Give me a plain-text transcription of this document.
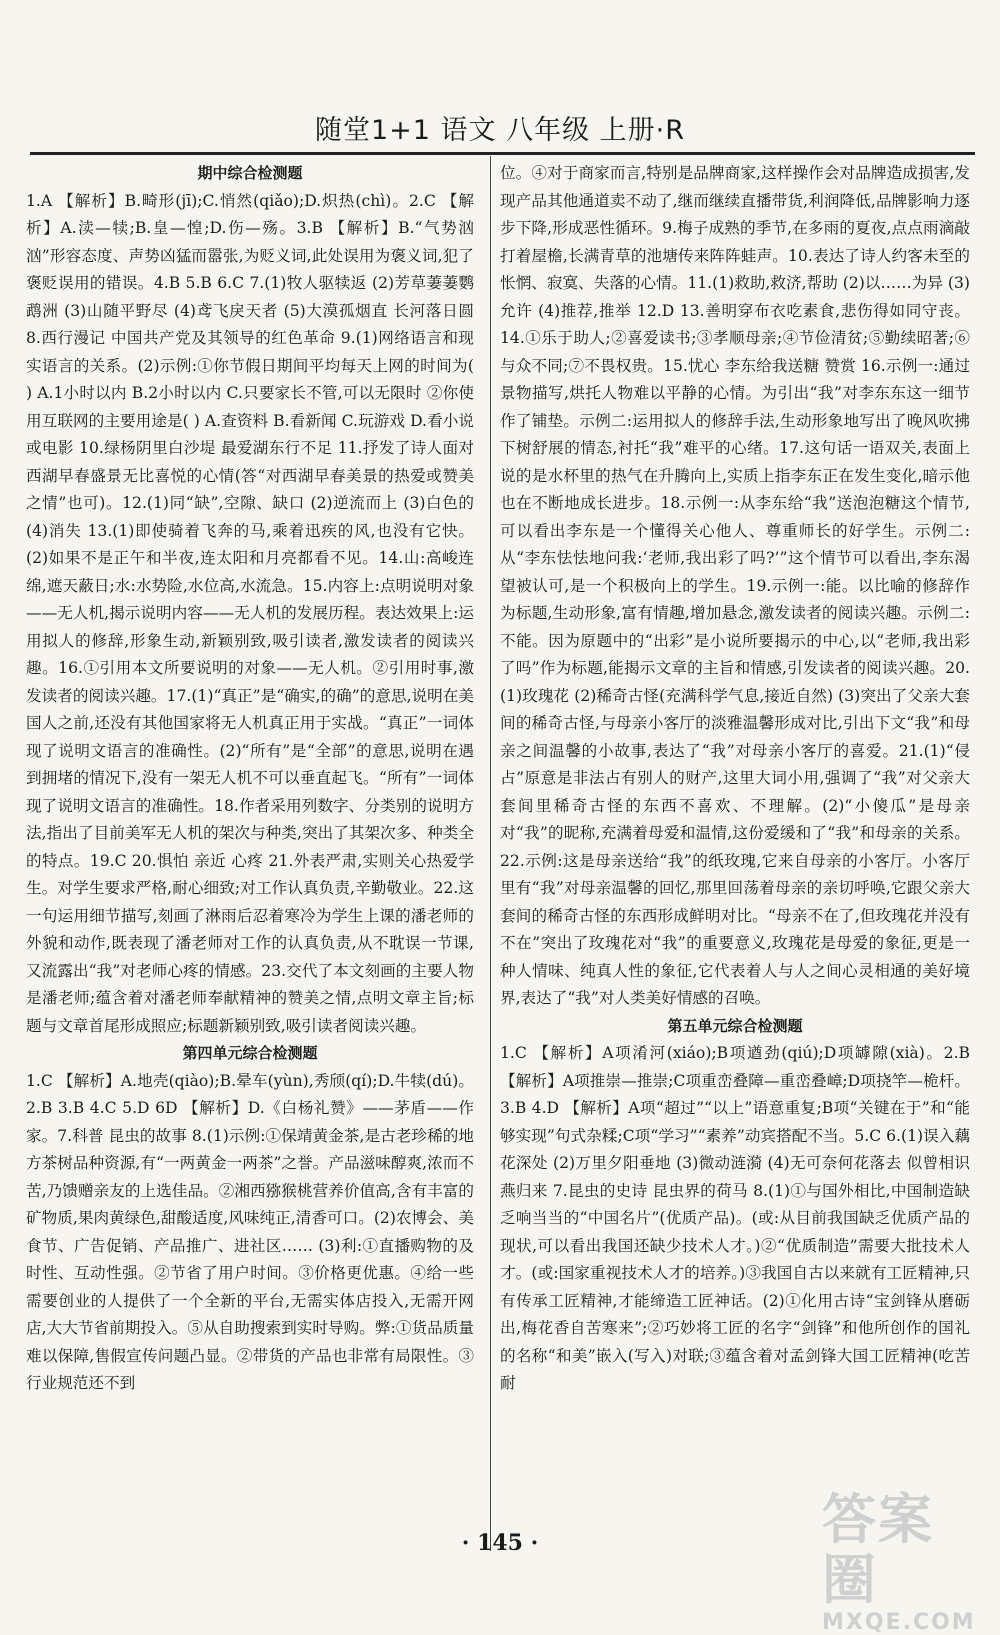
随堂1+1 语文 八年级 上册·R

期中综合检测题

1.A 【解析】B.畸形(jī);C.悄然(qiǎo);D.炽热(chì)。2.C 【解析】A.渎—犊;B.皇—惶;D.伤—殇。3.B 【解析】B.“气势汹汹”形容态度、声势凶猛而嚣张,为贬义词,此处误用为褒义词,犯了褒贬误用的错误。4.B 5.B 6.C 7.(1)牧人驱犊返 (2)芳草萋萋鹦鹉洲 (3)山随平野尽 (4)鸢飞戾天者 (5)大漠孤烟直 长河落日圆 8.西行漫记 中国共产党及其领导的红色革命 9.(1)网络语言和现实语言的关系。(2)示例:①你节假日期间平均每天上网的时间为( ) A.1小时以内 B.2小时以内 C.只要家长不管,可以无限时 ②你使用互联网的主要用途是( ) A.查资料 B.看新闻 C.玩游戏 D.看小说或电影 10.绿杨阴里白沙堤 最爱湖东行不足 11.抒发了诗人面对西湖早春盛景无比喜悦的心情(答“对西湖早春美景的热爱或赞美之情”也可)。12.(1)同“缺”,空隙、缺口 (2)逆流而上 (3)白色的 (4)消失 13.(1)即使骑着飞奔的马,乘着迅疾的风,也没有它快。(2)如果不是正午和半夜,连太阳和月亮都看不见。14.山:高峻连绵,遮天蔽日;水:水势险,水位高,水流急。15.内容上:点明说明对象——无人机,揭示说明内容——无人机的发展历程。表达效果上:运用拟人的修辞,形象生动,新颖别致,吸引读者,激发读者的阅读兴趣。16.①引用本文所要说明的对象——无人机。②引用时事,激发读者的阅读兴趣。17.(1)“真正”是“确实,的确”的意思,说明在美国人之前,还没有其他国家将无人机真正用于实战。“真正”一词体现了说明文语言的准确性。(2)“所有”是“全部”的意思,说明在遇到拥堵的情况下,没有一架无人机不可以垂直起飞。“所有”一词体现了说明文语言的准确性。18.作者采用列数字、分类别的说明方法,指出了目前美军无人机的架次与种类,突出了其架次多、种类全的特点。19.C 20.惧怕 亲近 心疼 21.外表严肃,实则关心热爱学生。对学生要求严格,耐心细致;对工作认真负责,辛勤敬业。22.这一句运用细节描写,刻画了淋雨后忍着寒冷为学生上课的潘老师的外貌和动作,既表现了潘老师对工作的认真负责,从不耽误一节课,又流露出“我”对老师心疼的情感。23.交代了本文刻画的主要人物是潘老师;蕴含着对潘老师奉献精神的赞美之情,点明文章主旨;标题与文章首尾形成照应;标题新颖别致,吸引读者阅读兴趣。

第四单元综合检测题

1.C 【解析】A.地壳(qiào);B.晕车(yùn),秀颀(qí);D.牛犊(dú)。2.B 3.B 4.C 5.D 6D 【解析】D.《白杨礼赞》——茅盾——作家。7.科普 昆虫的故事 8.(1)示例:①保靖黄金茶,是古老珍稀的地方茶树品种资源,有“一两黄金一两茶”之誉。产品滋味醇爽,浓而不苦,乃馈赠亲友的上选佳品。②湘西猕猴桃营养价值高,含有丰富的矿物质,果肉黄绿色,甜酸适度,风味纯正,清香可口。(2)农博会、美食节、广告促销、产品推广、进社区…… (3)利:①直播购物的及时性、互动性强。②节省了用户时间。③价格更优惠。④给一些需要创业的人提供了一个全新的平台,无需实体店投入,无需开网店,大大节省前期投入。⑤从自助搜索到实时导购。弊:①货品质量难以保障,售假宣传问题凸显。②带货的产品也非常有局限性。③行业规范还不到

位。④对于商家而言,特别是品牌商家,这样操作会对品牌造成损害,发现产品其他通道卖不动了,继而继续直播带货,利润降低,品牌影响力逐步下降,形成恶性循环。9.梅子成熟的季节,在多雨的夏夜,点点雨滴敲打着屋檐,长满青草的池塘传来阵阵蛙声。10.表达了诗人约客未至的怅惘、寂寞、失落的心情。11.(1)救助,救济,帮助 (2)以……为异 (3)允许 (4)推荐,推举 12.D 13.善明穿布衣吃素食,悲伤得如同守丧。14.①乐于助人;②喜爱读书;③孝顺母亲;④节俭清贫;⑤勤续昭著;⑥与众不同;⑦不畏权贵。15.忧心 李东给我送糖 赞赏 16.示例一:通过景物描写,烘托人物难以平静的心情。为引出“我”对李东东这一细节作了铺垫。示例二:运用拟人的修辞手法,生动形象地写出了晚风吹拂下树舒展的情态,衬托“我”难平的心绪。17.这句话一语双关,表面上说的是水杯里的热气在升腾向上,实质上指李东正在发生变化,暗示他也在不断地成长进步。18.示例一:从李东给“我”送泡泡糖这个情节,可以看出李东是一个懂得关心他人、尊重师长的好学生。示例二:从“李东怯怯地问我:‘老师,我出彩了吗?’”这个情节可以看出,李东渴望被认可,是一个积极向上的学生。19.示例一:能。以比喻的修辞作为标题,生动形象,富有情趣,增加悬念,激发读者的阅读兴趣。示例二:不能。因为原题中的“出彩”是小说所要揭示的中心,以“老师,我出彩了吗”作为标题,能揭示文章的主旨和情感,引发读者的阅读兴趣。20.(1)玫瑰花 (2)稀奇古怪(充满科学气息,接近自然) (3)突出了父亲大套间的稀奇古怪,与母亲小客厅的淡雅温馨形成对比,引出下文“我”和母亲之间温馨的小故事,表达了“我”对母亲小客厅的喜爱。21.(1)“侵占”原意是非法占有别人的财产,这里大词小用,强调了“我”对父亲大套间里稀奇古怪的东西不喜欢、不理解。(2)“小傻瓜”是母亲对“我”的昵称,充满着母爱和温情,这份爱缓和了“我”和母亲的关系。22.示例:这是母亲送给“我”的纸玫瑰,它来自母亲的小客厅。小客厅里有“我”对母亲温馨的回忆,那里回荡着母亲的亲切呼唤,它跟父亲大套间的稀奇古怪的东西形成鲜明对比。“母亲不在了,但玫瑰花并没有不在”突出了玫瑰花对“我”的重要意义,玫瑰花是母爱的象征,更是一种人情味、纯真人性的象征,它代表着人与人之间心灵相通的美好境界,表达了“我”对人类美好情感的召唤。

第五单元综合检测题

1.C 【解析】A项淆河(xiáo);B项遒劲(qiú);D项罅隙(xià)。2.B 【解析】A项推崇—推崇;C项重峦叠障—重峦叠嶂;D项挠竿—桅杆。3.B 4.D 【解析】A项“超过”“以上”语意重复;B项“关键在于”和“能够实现”句式杂糅;C项“学习”“素养”动宾搭配不当。5.C 6.(1)误入藕花深处 (2)万里夕阳垂地 (3)微动涟漪 (4)无可奈何花落去 似曾相识燕归来 7.昆虫的史诗 昆虫界的荷马 8.(1)①与国外相比,中国制造缺乏响当当的“中国名片”(优质产品)。(或:从目前我国缺乏优质产品的现状,可以看出我国还缺少技术人才。)②“优质制造”需要大批技术人才。(或:国家重视技术人才的培养。)③我国自古以来就有工匠精神,只有传承工匠精神,才能缔造工匠神话。(2)①化用古诗“宝剑锋从磨砺出,梅花香自苦寒来”;②巧妙将工匠的名字“剑锋”和他所创作的国礼的名称“和美”嵌入(写入)对联;③蕴含着对孟剑锋大国工匠精神(吃苦耐

· 145 ·	答案圈
MXQE.COM
